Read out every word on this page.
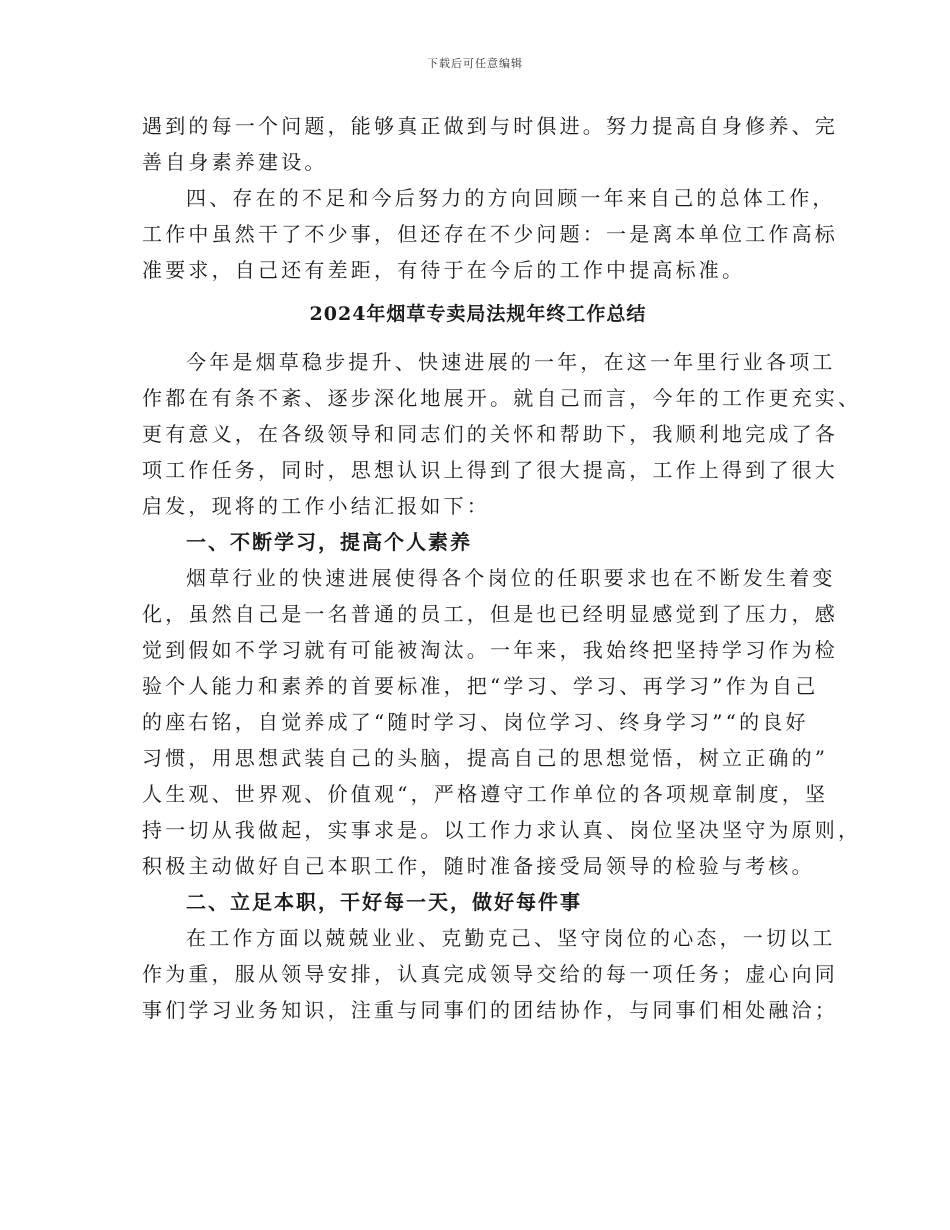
下载后可任意编辑
遇到的每一个问题，能够真正做到与时俱进。努力提高自身修养、完
善自身素养建设。
四、存在的不足和今后努力的方向回顾一年来自己的总体工作，
工作中虽然干了不少事，但还存在不少问题：一是离本单位工作高标
准要求，自己还有差距，有待于在今后的工作中提高标准。
2024年烟草专卖局法规年终工作总结
今年是烟草稳步提升、快速进展的一年，在这一年里行业各项工
作都在有条不紊、逐步深化地展开。就自己而言，今年的工作更充实、
更有意义，在各级领导和同志们的关怀和帮助下，我顺利地完成了各
项工作任务，同时，思想认识上得到了很大提高，工作上得到了很大
启发，现将的工作小结汇报如下：
一、不断学习，提高个人素养
烟草行业的快速进展使得各个岗位的任职要求也在不断发生着变
化，虽然自己是一名普通的员工，但是也已经明显感觉到了压力，感
觉到假如不学习就有可能被淘汰。一年来，我始终把坚持学习作为检
验个人能力和素养的首要标准，把“学习、学习、再学习”作为自己
的座右铭，自觉养成了“随时学习、岗位学习、终身学习”“的良好
习惯，用思想武装自己的头脑，提高自己的思想觉悟，树立正确的”
人生观、世界观、价值观“，严格遵守工作单位的各项规章制度，坚
持一切从我做起，实事求是。以工作力求认真、岗位坚决坚守为原则，
积极主动做好自己本职工作，随时准备接受局领导的检验与考核。
二、立足本职，干好每一天，做好每件事
在工作方面以兢兢业业、克勤克己、坚守岗位的心态，一切以工
作为重，服从领导安排，认真完成领导交给的每一项任务；虚心向同
事们学习业务知识，注重与同事们的团结协作，与同事们相处融洽；
